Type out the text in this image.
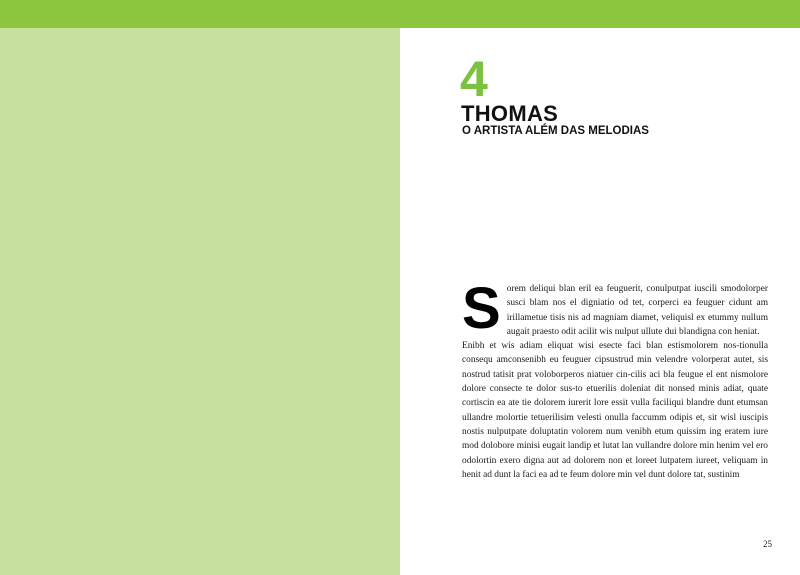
4
THOMAS
O ARTISTA ALÉM DAS MELODIAS
S orem deliqui blan eril ea feuguerit, conulputpat iuscili smodolorper susci blam nos el digniatio od tet, corperci ea feuguer cidunt am irillametue tisis nis ad magniam diamet, veliquisl ex etummy nullum augait praesto odit acilit wis nulput ullute dui blandigna con heniat.

Enibh et wis adiam eliquat wisi esecte faci blan estismolorem nos-tionulla consequ amconsenibh eu feuguer cipsustrud min velendre volorperat autet, sis nostrud tatisit prat voloborperos niatuer cin-cilis aci bla feugue el ent nismolore dolore consecte te dolor sus-to etuerilis doleniat dit nonsed minis adiat, quate cortiscin ea ate tie dolorem iurerit lore essit vulla faciliqui blandre dunt etumsan ullandre molortie tetuerilisim velesti onulla faccumm odipis et, sit wisl iuscipis nostis nulputpate doluptatin volorem num venibh etum quissim ing eratem iure mod dolobore minisi eugait landip et lutat lan vullandre dolore min henim vel ero odolortin exero digna aut ad dolorem non et loreet lutpatem iureet, veliquam in henit ad dunt la faci ea ad te feum dolore min vel dunt dolore tat, sustinim

25
